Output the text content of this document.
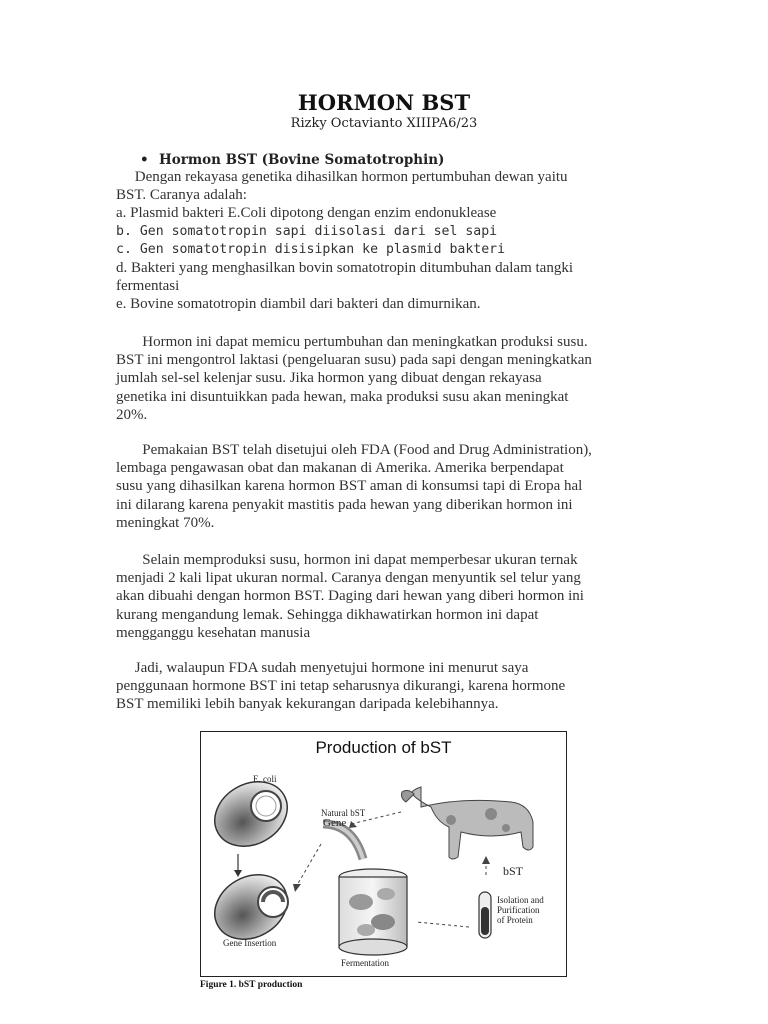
HORMON BST
Rizky Octavianto XIIIPA6/23
• Hormon BST (Bovine Somatotrophin)
Dengan rekayasa genetika dihasilkan hormon pertumbuhan dewan yaitu
BST. Caranya adalah:
a. Plasmid bakteri E.Coli dipotong dengan enzim endonuklease
b. Gen somatotropin sapi diisolasi dari sel sapi
c. Gen somatotropin disisipkan ke plasmid bakteri
d. Bakteri yang menghasilkan bovin somatotropin ditumbuhan dalam tangki
fermentasi
e. Bovine somatotropin diambil dari bakteri dan dimurnikan.
Hormon ini dapat memicu pertumbuhan dan meningkatkan produksi susu.
BST ini mengontrol laktasi (pengeluaran susu) pada sapi dengan meningkatkan
jumlah sel-sel kelenjar susu. Jika hormon yang dibuat dengan rekayasa
genetika ini disuntuikkan pada hewan, maka produksi susu akan meningkat
20%.
Pemakaian BST telah disetujui oleh FDA (Food and Drug Administration),
lembaga pengawasan obat dan makanan di Amerika. Amerika berpendapat
susu yang dihasilkan karena hormon BST aman di konsumsi tapi di Eropa hal
ini dilarang karena penyakit mastitis pada hewan yang diberikan hormon ini
meningkat 70%.
Selain memproduksi susu, hormon ini dapat memperbesar ukuran ternak
menjadi 2 kali lipat ukuran normal. Caranya dengan menyuntik sel telur yang
akan dibuahi dengan hormon BST. Daging dari hewan yang diberi hormon ini
kurang mengandung lemak. Sehingga dikhawatirkan hormon ini dapat
mengganggu kesehatan manusia
Jadi, walaupun FDA sudah menyetujui hormone ini menurut saya
penggunaan hormone BST ini tetap seharusnya dikurangi, karena hormone
BST memiliki lebih banyak kekurangan daripada kelebihannya.
Production of bST
E. coli
Natural bST
Gene
bST
Isolation and
Purification
of Protein
Gene Insertion
Fermentation
Figure 1. bST production
